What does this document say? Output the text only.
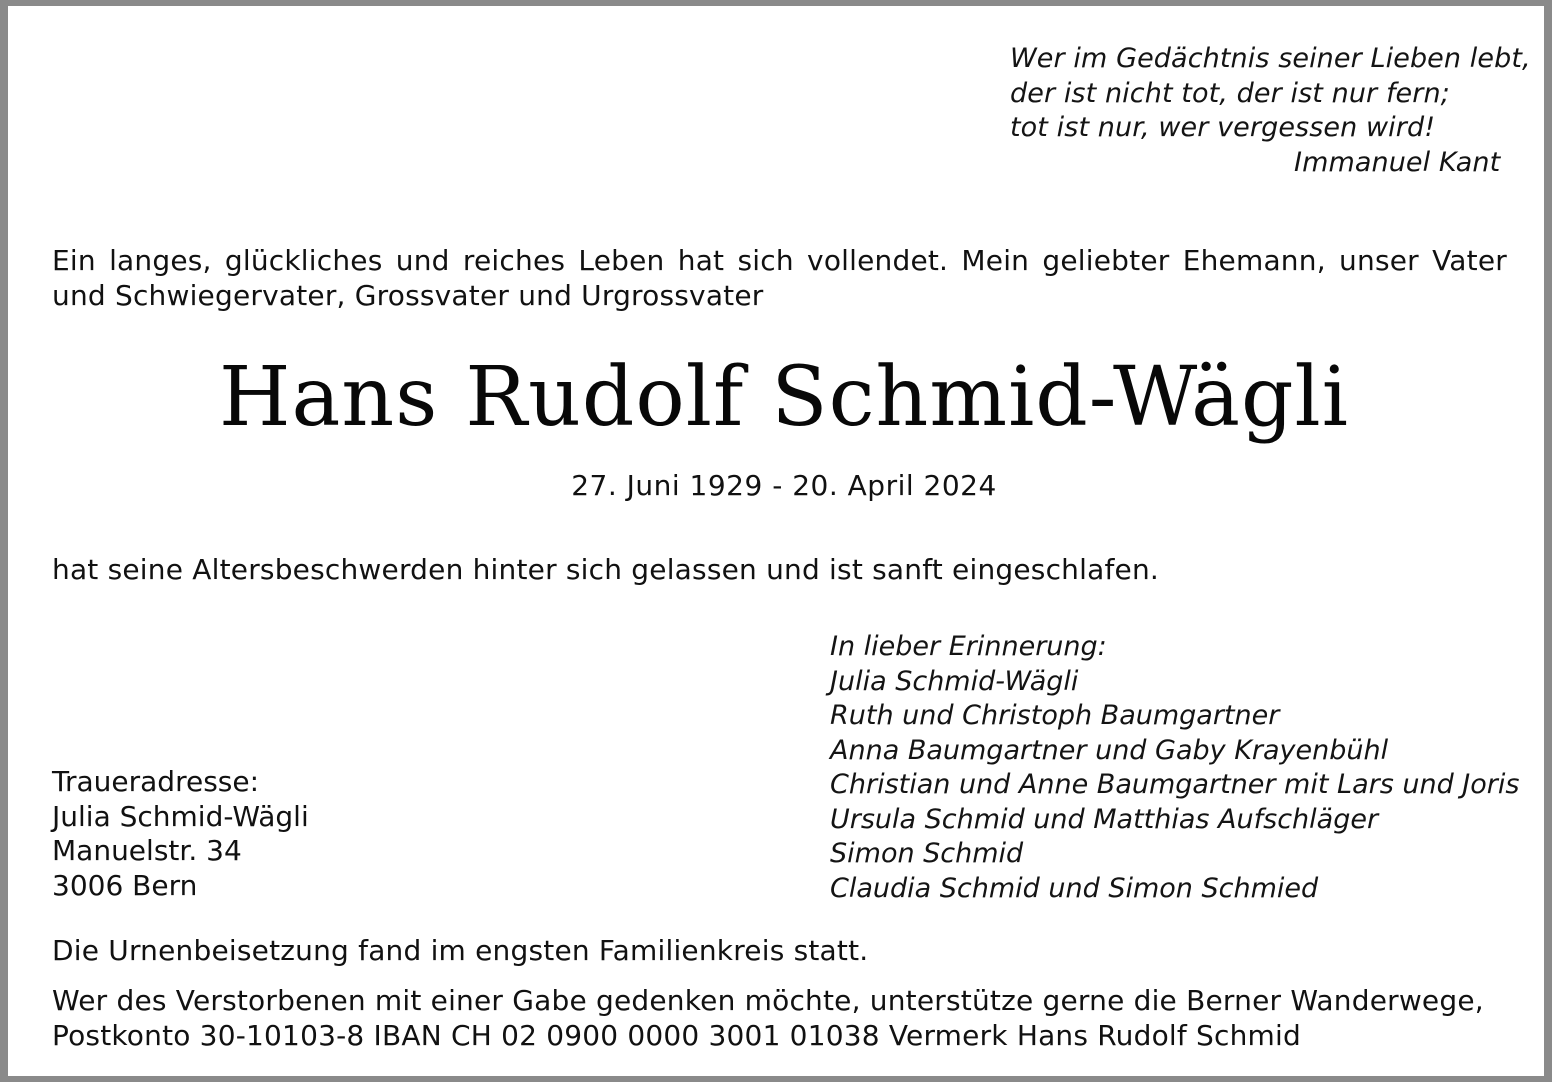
Wer im Gedächtnis seiner Lieben lebt,
der ist nicht tot, der ist nur fern;
tot ist nur, wer vergessen wird!
Immanuel Kant
Ein langes, glückliches und reiches Leben hat sich vollendet. Mein geliebter Ehemann, unser Vater und Schwiegervater, Grossvater und Urgrossvater
Hans Rudolf Schmid-Wägli
27. Juni 1929 - 20. April 2024
hat seine Altersbeschwerden hinter sich gelassen und ist sanft eingeschlafen.
In lieber Erinnerung:
Julia Schmid-Wägli
Ruth und Christoph Baumgartner
Anna Baumgartner und Gaby Krayenbühl
Christian und Anne Baumgartner mit Lars und Joris
Ursula Schmid und Matthias Aufschläger
Simon Schmid
Claudia Schmid und Simon Schmied
Traueradresse:
Julia Schmid-Wägli
Manuelstr. 34
3006 Bern
Die Urnenbeisetzung fand im engsten Familienkreis statt.
Wer des Verstorbenen mit einer Gabe gedenken möchte, unterstütze gerne die Berner Wanderwege,
Postkonto 30-10103-8 IBAN CH 02 0900 0000 3001 01038 Vermerk Hans Rudolf Schmid
